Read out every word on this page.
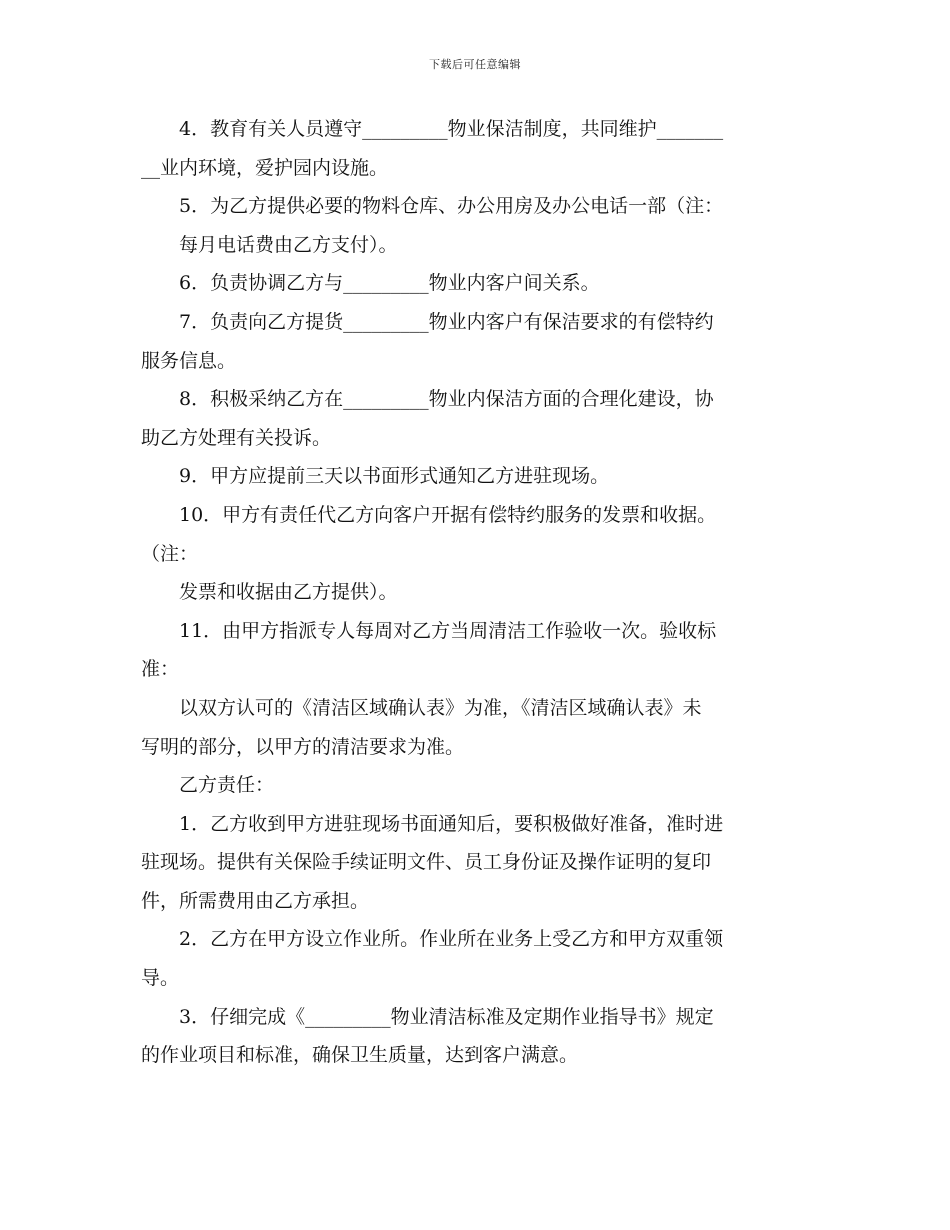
下载后可任意编辑
　　4．教育有关人员遵守_________物业保洁制度，共同维护_______
__业内环境，爱护园内设施。
　　5．为乙方提供必要的物料仓库、办公用房及办公电话一部（注：
　　每月电话费由乙方支付）。
　　6．负责协调乙方与_________物业内客户间关系。
　　7．负责向乙方提货_________物业内客户有保洁要求的有偿特约
服务信息。
　　8．积极采纳乙方在_________物业内保洁方面的合理化建设，协
助乙方处理有关投诉。
　　9．甲方应提前三天以书面形式通知乙方进驻现场。
　　10．甲方有责任代乙方向客户开据有偿特约服务的发票和收据。
（注：
　　发票和收据由乙方提供）。
　　11．由甲方指派专人每周对乙方当周清洁工作验收一次。验收标
准：
　　以双方认可的《清洁区域确认表》为准，《清洁区域确认表》未
写明的部分，以甲方的清洁要求为准。
　　乙方责任：
　　1．乙方收到甲方进驻现场书面通知后，要积极做好准备，准时进
驻现场。提供有关保险手续证明文件、员工身份证及操作证明的复印
件，所需费用由乙方承担。
　　2．乙方在甲方设立作业所。作业所在业务上受乙方和甲方双重领
导。
　　3．仔细完成《_________物业清洁标准及定期作业指导书》规定
的作业项目和标准，确保卫生质量，达到客户满意。
